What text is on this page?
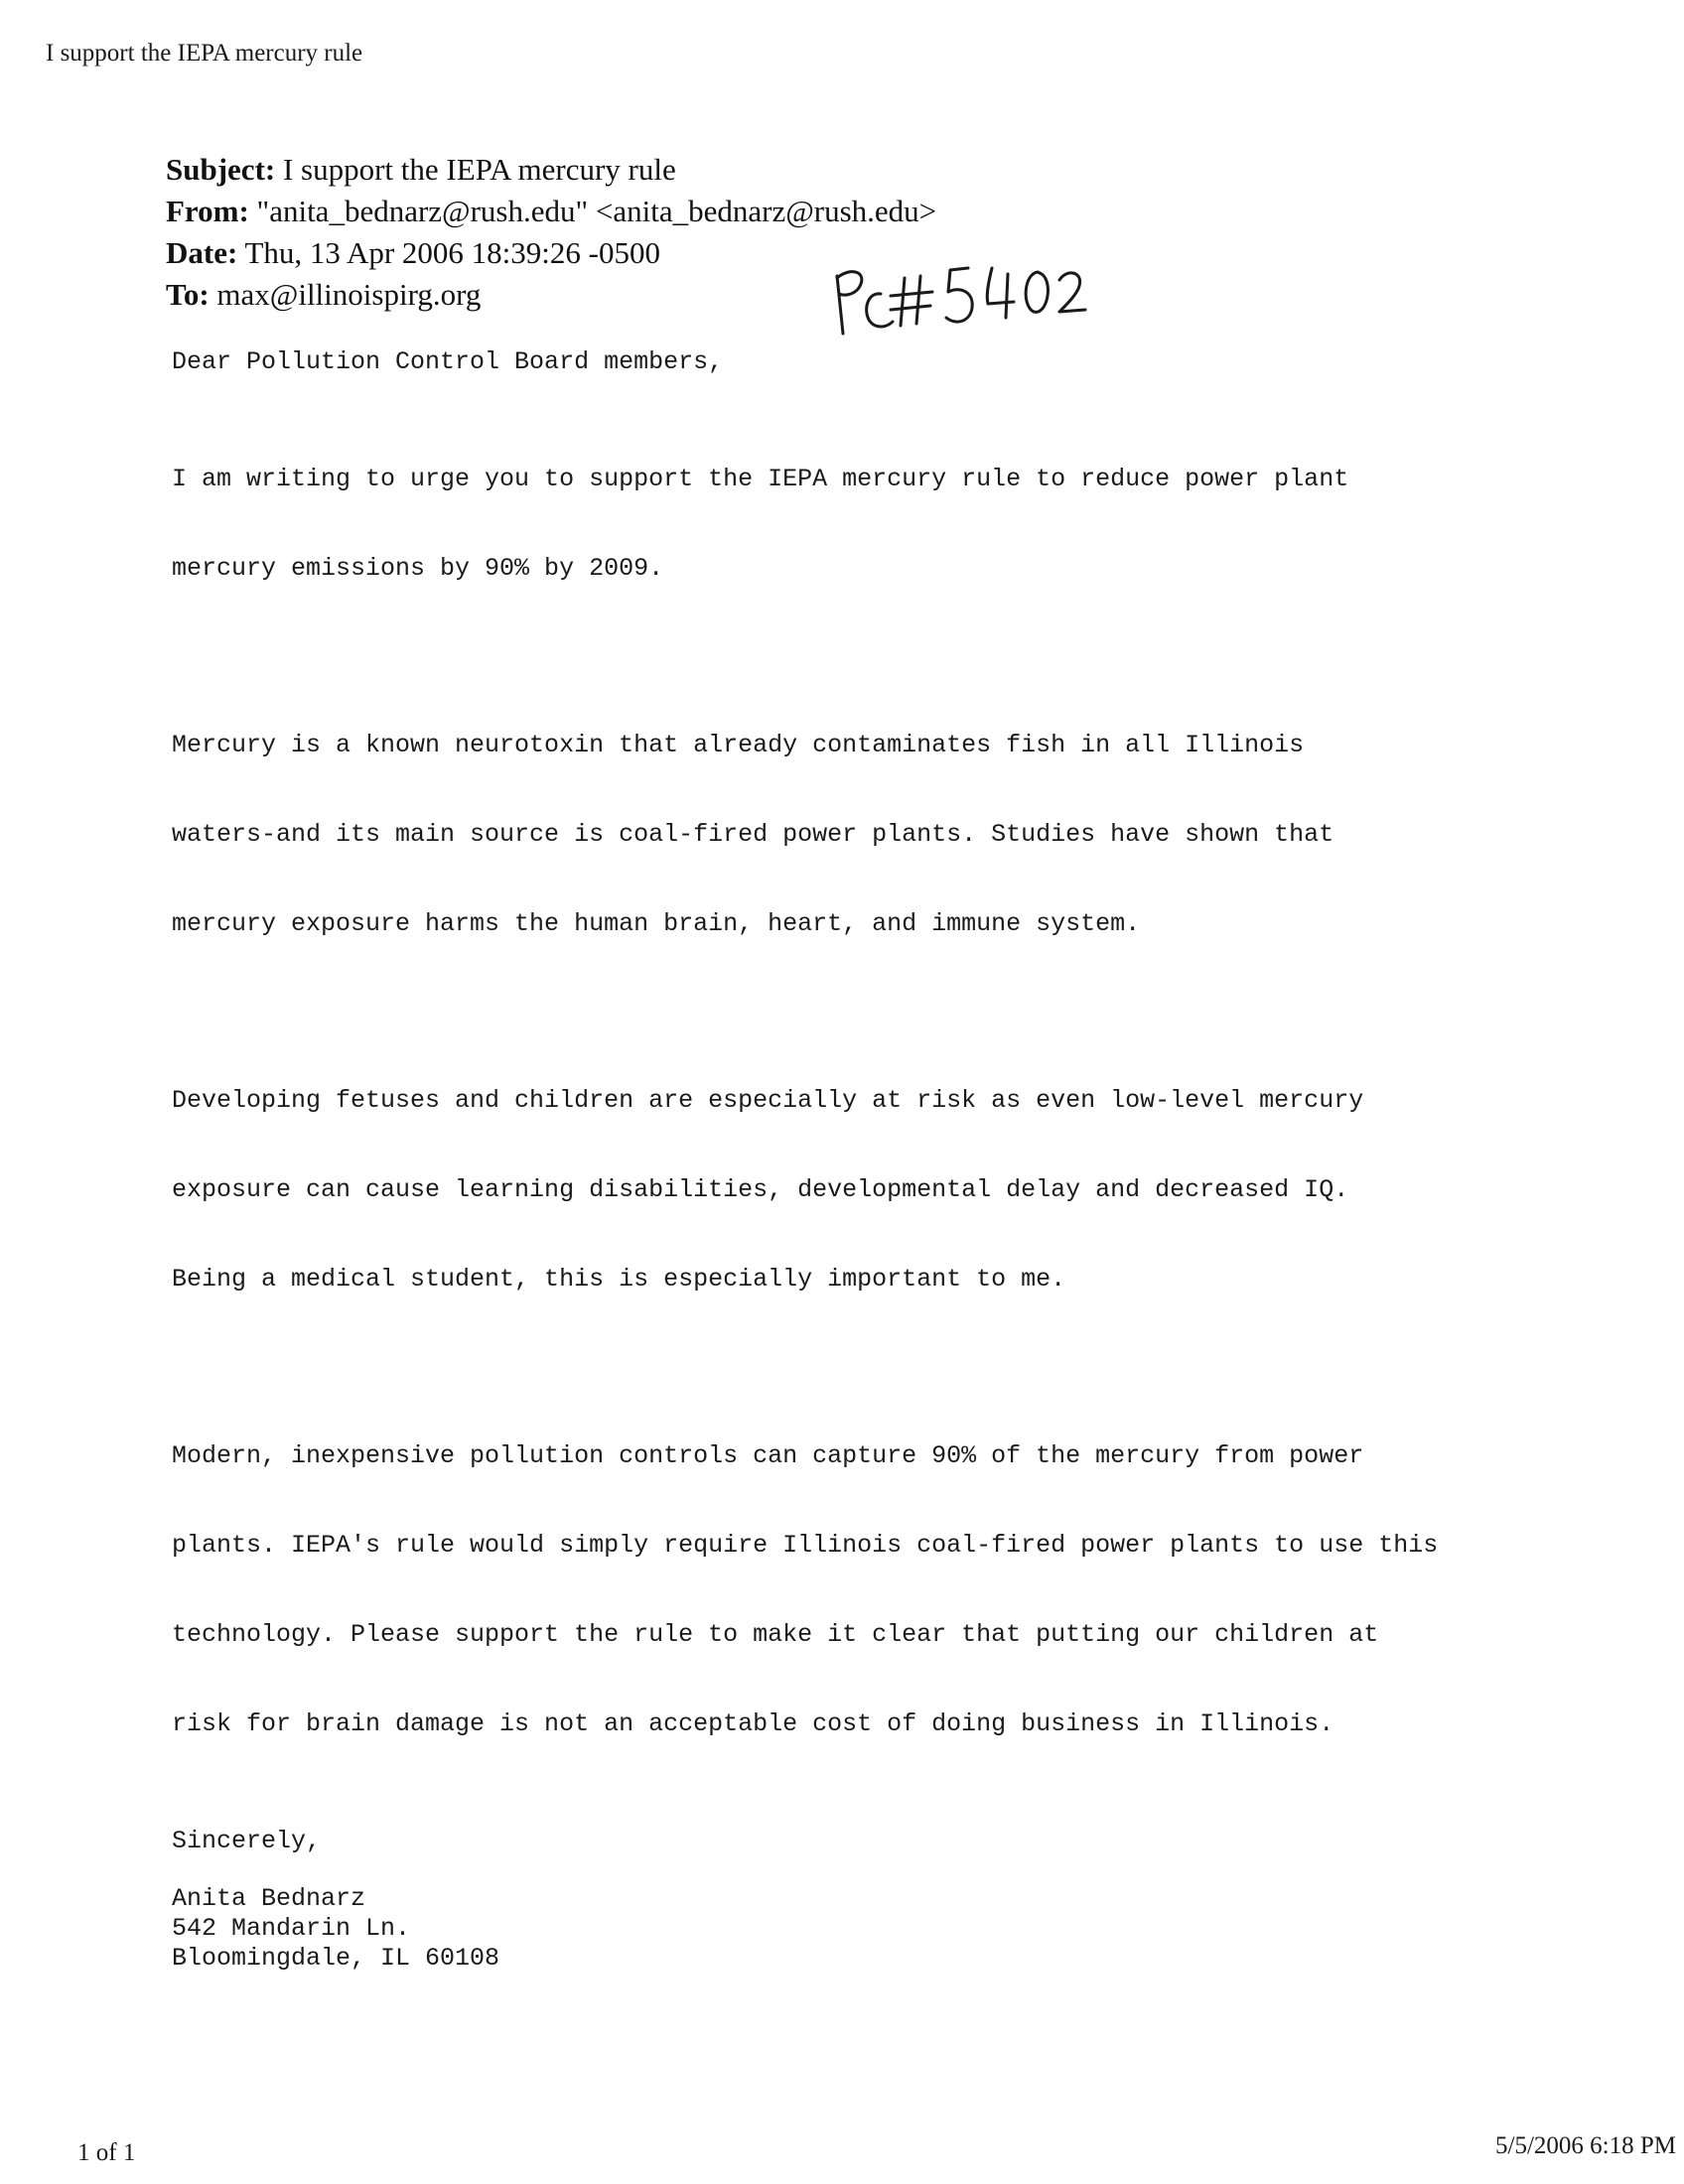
I support the IEPA mercury rule
Subject: I support the IEPA mercury rule
From: "anita_bednarz@rush.edu" <anita_bednarz@rush.edu>
Date: Thu, 13 Apr 2006 18:39:26 -0500
To: max@illinoispirg.org

Dear Pollution Control Board members,

I am writing to urge you to support the IEPA mercury rule to reduce power plant

mercury emissions by 90% by 2009.

Mercury is a known neurotoxin that already contaminates fish in all Illinois

waters-and its main source is coal-fired power plants. Studies have shown that

mercury exposure harms the human brain, heart, and immune system.

Developing fetuses and children are especially at risk as even low-level mercury

exposure can cause learning disabilities, developmental delay and decreased IQ.

Being a medical student, this is especially important to me.

Modern, inexpensive pollution controls can capture 90% of the mercury from power

plants. IEPA's rule would simply require Illinois coal-fired power plants to use this

technology. Please support the rule to make it clear that putting our children at

risk for brain damage is not an acceptable cost of doing business in Illinois.

Sincerely,

Anita Bednarz
542 Mandarin Ln.
Bloomingdale, IL 60108
1 of 1	5/5/2006 6:18 PM
